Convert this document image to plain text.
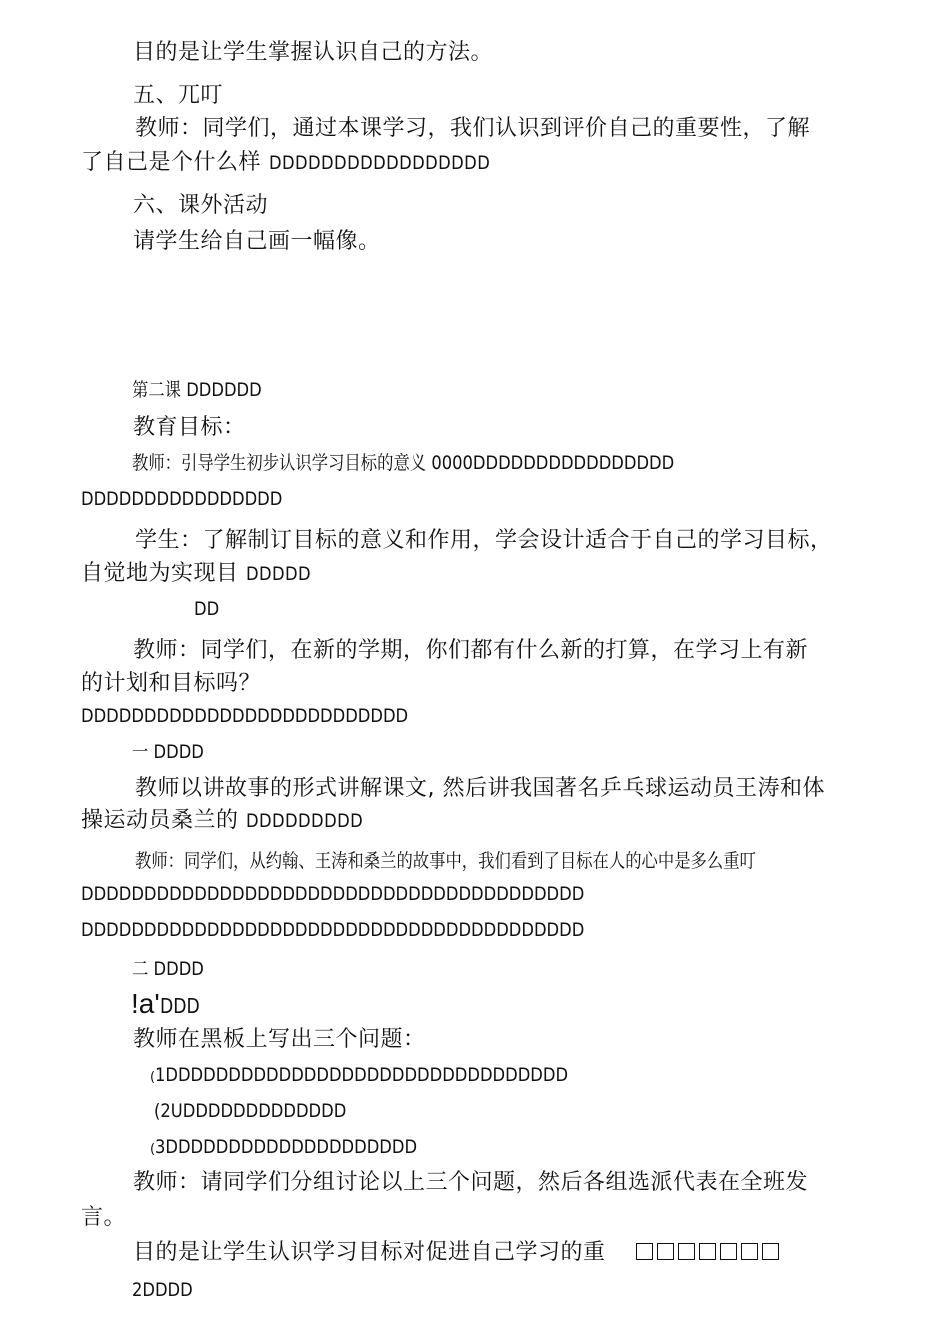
目的是让学生掌握认识自己的方法。
五、兀叮
教师：同学们，通过本课学习，我们认识到评价自己的重要性，了解
了自己是个什么样 DDDDDDDDDDDDDDDDD
六、课外活动
请学生给自己画一幅像。
第二课 DDDDDD
教育目标：
教师：引导学生初步认识学习目标的意义 0000DDDDDDDDDDDDDDDD
DDDDDDDDDDDDDDDD
学生：了解制订目标的意义和作用，学会设计适合于自己的学习目标，
自觉地为实现目 DDDDD
DD
教师：同学们，在新的学期，你们都有什么新的打算，在学习上有新
的计划和目标吗？
DDDDDDDDDDDDDDDDDDDDDDDDDD
一 DDDD
教师以讲故事的形式讲解课文, 然后讲我国著名乒乓球运动员王涛和体
操运动员桑兰的 DDDDDDDDD
教师：同学们，从约翰、王涛和桑兰的故事中，我们看到了目标在人的心中是多么重叮
DDDDDDDDDDDDDDDDDDDDDDDDDDDDDDDDDDDDDDDD
DDDDDDDDDDDDDDDDDDDDDDDDDDDDDDDDDDDDDDDD
二 DDDD
!a'DDD
教师在黑板上写出三个问题：
(1DDDDDDDDDDDDDDDDDDDDDDDDDDDDDDDD
(2UDDDDDDDDDDDDD
(3DDDDDDDDDDDDDDDDDDDD
教师：请同学们分组讨论以上三个问题，然后各组选派代表在全班发
言。
目的是让学生认识学习目标对促进自己学习的重
2DDDD
